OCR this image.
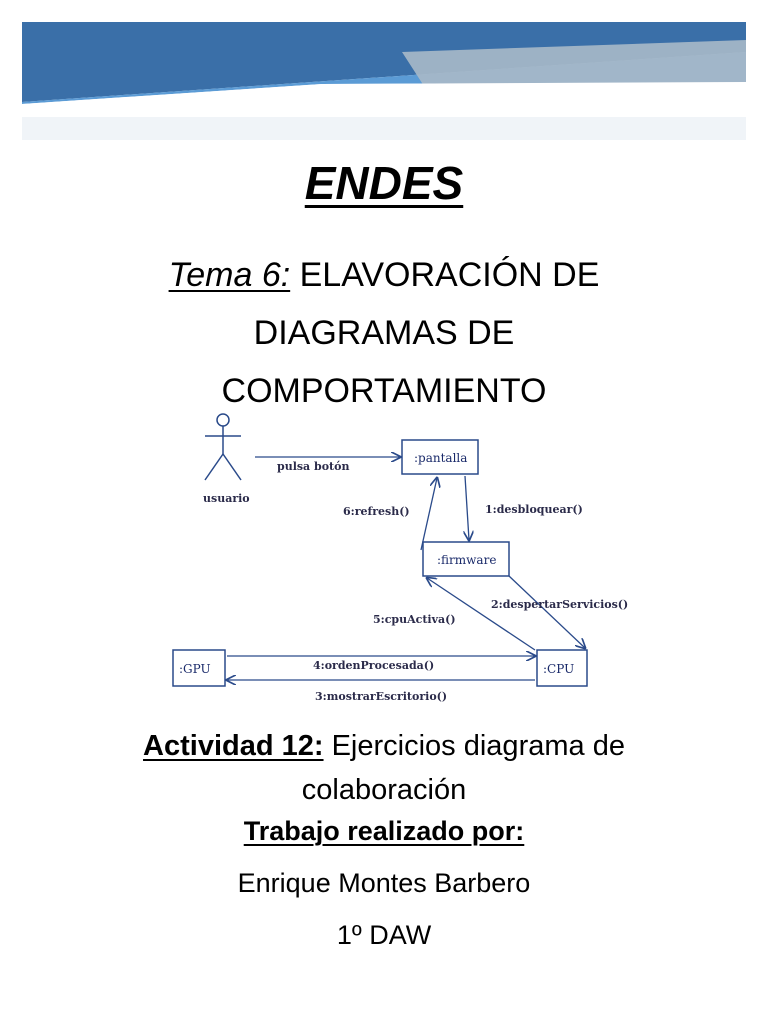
ENDES
Tema 6: ELAVORACIÓN DE
DIAGRAMAS DE
COMPORTAMIENTO
usuario
:pantalla
:firmware
:GPU	:CPU
pulsa botón
6:refresh()	1:desbloquear()
2:despertarServicios()
5:cpuActiva()
4:ordenProcesada()
3:mostrarEscritorio()
Actividad 12: Ejercicios diagrama de
colaboración
Trabajo realizado por:
Enrique Montes Barbero
1º DAW
